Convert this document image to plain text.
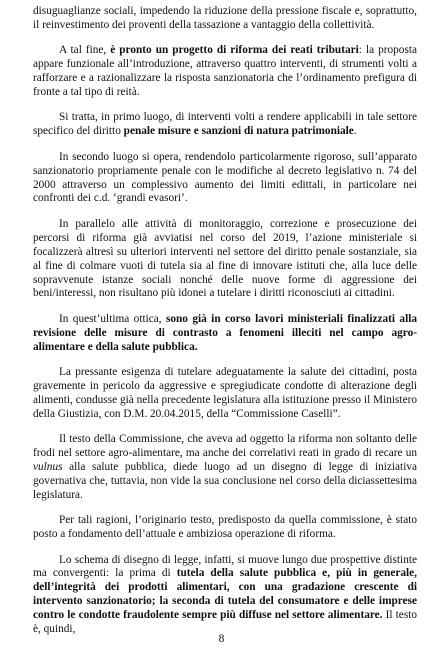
disuguaglianze sociali, impedendo la riduzione della pressione fiscale e, soprattutto, il reinvestimento dei proventi della tassazione a vantaggio della collettività.

A tal fine, è pronto un progetto di riforma dei reati tributari: la proposta appare funzionale all’introduzione, attraverso quattro interventi, di strumenti volti a rafforzare e a razionalizzare la risposta sanzionatoria che l’ordinamento prefigura di fronte a tal tipo di reità.

Si tratta, in primo luogo, di interventi volti a rendere applicabili in tale settore specifico del diritto penale misure e sanzioni di natura patrimoniale.

In secondo luogo si opera, rendendolo particolarmente rigoroso, sull’apparato sanzionatorio propriamente penale con le modifiche al decreto legislativo n. 74 del 2000 attraverso un complessivo aumento dei limiti edittali, in particolare nei confronti dei c.d. ‘grandi evasori’.

In parallelo alle attività di monitoraggio, correzione e prosecuzione dei percorsi di riforma già avviatisi nel corso del 2019, l’azione ministeriale si focalizzerà altresì su ulteriori interventi nel settore del diritto penale sostanziale, sia al fine di colmare vuoti di tutela sia al fine di innovare istituti che, alla luce delle sopravvenute istanze sociali nonché delle nuove forme di aggressione dei beni/interessi, non risultano più idonei a tutelare i diritti riconosciuti ai cittadini.

In quest’ultima ottica, sono già in corso lavori ministeriali finalizzati alla revisione delle misure di contrasto a fenomeni illeciti nel campo agro-alimentare e della salute pubblica.

La pressante esigenza di tutelare adeguatamente la salute dei cittadini, posta gravemente in pericolo da aggressive e spregiudicate condotte di alterazione degli alimenti, condusse già nella precedente legislatura alla istituzione presso il Ministero della Giustizia, con D.M. 20.04.2015, della “Commissione Caselli”.

Il testo della Commissione, che aveva ad oggetto la riforma non soltanto delle frodi nel settore agro-alimentare, ma anche dei correlativi reati in grado di recare un vulnus alla salute pubblica, diede luogo ad un disegno di legge di iniziativa governativa che, tuttavia, non vide la sua conclusione nel corso della diciassettesima legislatura.

Per tali ragioni, l’originario testo, predisposto da quella commissione, è stato posto a fondamento dell’attuale e ambiziosa operazione di riforma.

Lo schema di disegno di legge, infatti, si muove lungo due prospettive distinte ma convergenti: la prima di tutela della salute pubblica e, più in generale, dell’integrità dei prodotti alimentari, con una gradazione crescente di intervento sanzionatorio; la seconda di tutela del consumatore e delle imprese contro le condotte fraudolente sempre più diffuse nel settore alimentare. Il testo è, quindi,

8
